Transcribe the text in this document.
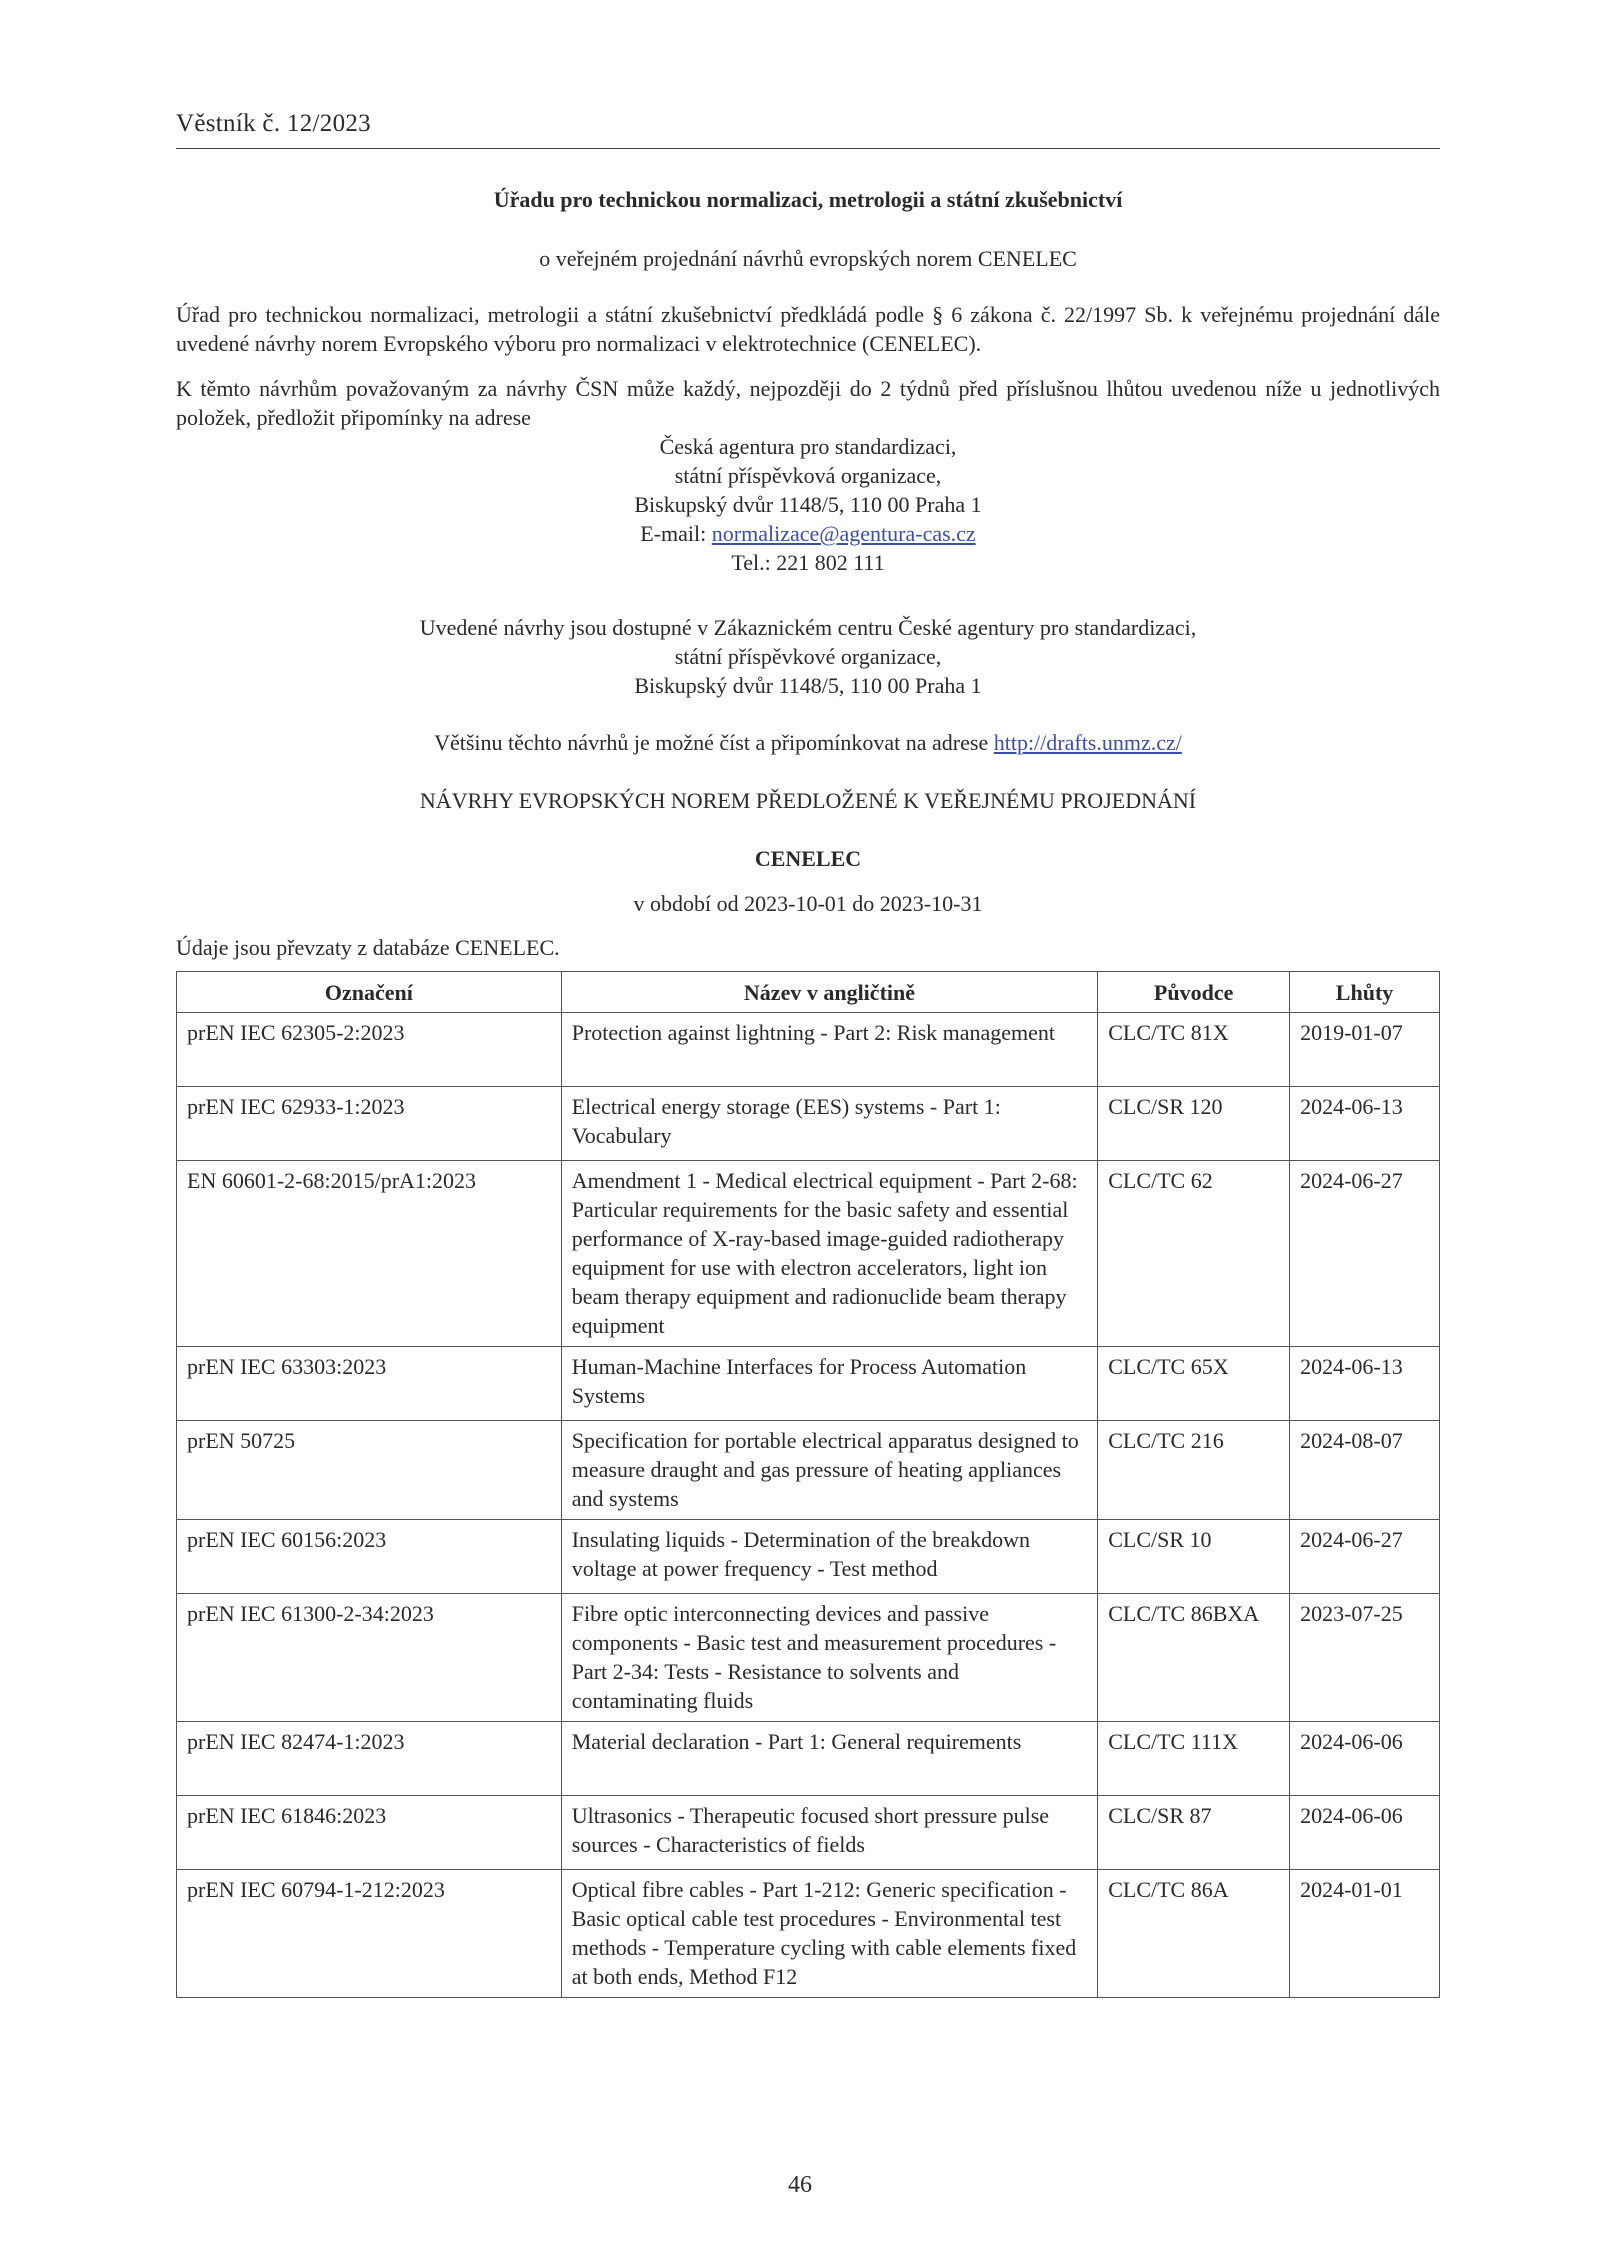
Věstník č. 12/2023
Úřadu pro technickou normalizaci, metrologii a státní zkušebnictví
o veřejném projednání návrhů evropských norem CENELEC
Úřad pro technickou normalizaci, metrologii a státní zkušebnictví předkládá podle § 6 zákona č. 22/1997 Sb. k veřejnému projednání dále uvedené návrhy norem Evropského výboru pro normalizaci v elektrotechnice (CENELEC).
K těmto návrhům považovaným za návrhy ČSN může každý, nejpozději do 2 týdnů před příslušnou lhůtou uvedenou níže u jednotlivých položek, předložit připomínky na adrese
Česká agentura pro standardizaci,
státní příspěvková organizace,
Biskupský dvůr 1148/5, 110 00 Praha 1
E-mail: normalizace@agentura-cas.cz
Tel.: 221 802 111
Uvedené návrhy jsou dostupné v Zákaznickém centru České agentury pro standardizaci,
státní příspěvkové organizace,
Biskupský dvůr 1148/5, 110 00 Praha 1
Většinu těchto návrhů je možné číst a připomínkovat na adrese http://drafts.unmz.cz/
NÁVRHY EVROPSKÝCH NOREM PŘEDLOŽENÉ K VEŘEJNÉMU PROJEDNÁNÍ
CENELEC
v období od 2023-10-01 do 2023-10-31
Údaje jsou převzaty z databáze CENELEC.
Označení	Název v angličtině	Původce	Lhůty
prEN IEC 62305-2:2023	Protection against lightning - Part 2: Risk management	CLC/TC 81X	2019-01-07
prEN IEC 62933-1:2023	Electrical energy storage (EES) systems - Part 1: Vocabulary	CLC/SR 120	2024-06-13
EN 60601-2-68:2015/prA1:2023	Amendment 1 - Medical electrical equipment - Part 2-68: Particular requirements for the basic safety and essential performance of X-ray-based image-guided radiotherapy equipment for use with electron accelerators, light ion beam therapy equipment and radionuclide beam therapy equipment	CLC/TC 62	2024-06-27
prEN IEC 63303:2023	Human-Machine Interfaces for Process Automation Systems	CLC/TC 65X	2024-06-13
prEN 50725	Specification for portable electrical apparatus designed to measure draught and gas pressure of heating appliances and systems	CLC/TC 216	2024-08-07
prEN IEC 60156:2023	Insulating liquids - Determination of the breakdown voltage at power frequency - Test method	CLC/SR 10	2024-06-27
prEN IEC 61300-2-34:2023	Fibre optic interconnecting devices and passive components - Basic test and measurement procedures - Part 2-34: Tests - Resistance to solvents and contaminating fluids	CLC/TC 86BXA	2023-07-25
prEN IEC 82474-1:2023	Material declaration - Part 1: General requirements	CLC/TC 111X	2024-06-06
prEN IEC 61846:2023	Ultrasonics - Therapeutic focused short pressure pulse sources - Characteristics of fields	CLC/SR 87	2024-06-06
prEN IEC 60794-1-212:2023	Optical fibre cables - Part 1-212: Generic specification - Basic optical cable test procedures - Environmental test methods - Temperature cycling with cable elements fixed at both ends, Method F12	CLC/TC 86A	2024-01-01
46
